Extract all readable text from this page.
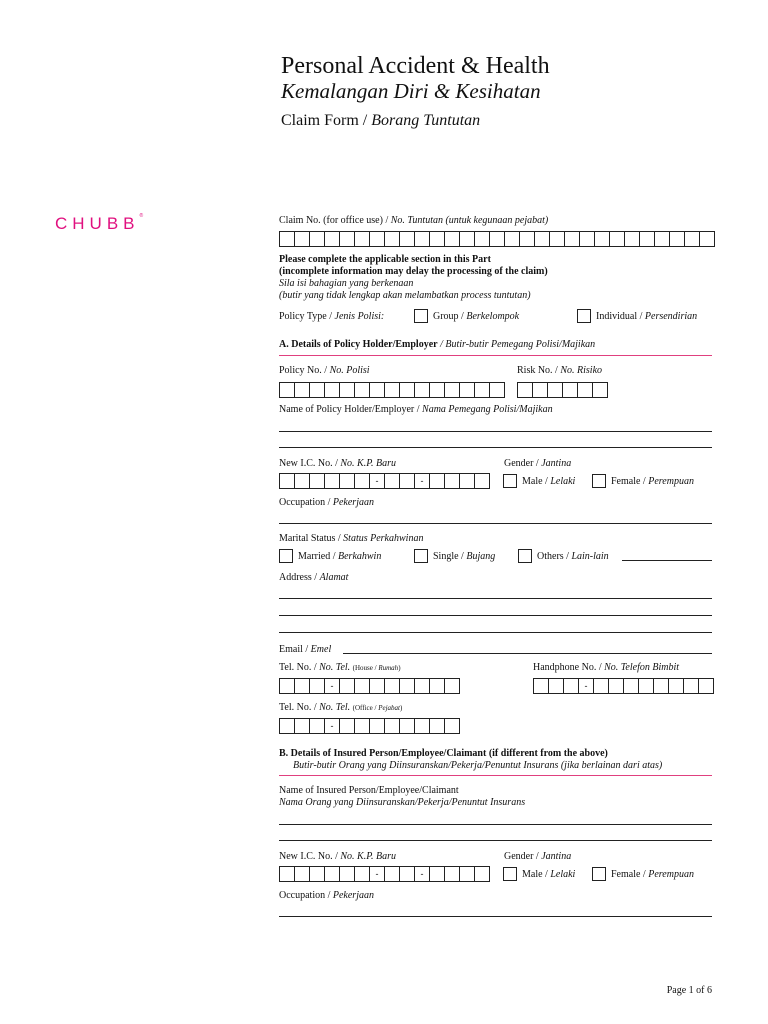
CHUBB®
Personal Accident & Health
Kemalangan Diri & Kesihatan
Claim Form / Borang Tuntutan
Claim No. (for office use) / No. Tuntutan (untuk kegunaan pejabat)
Please complete the applicable section in this Part
(incomplete information may delay the processing of the claim)
Sila isi bahagian yang berkenaan
(butir yang tidak lengkap akan melambatkan process tuntutan)
Policy Type / Jenis Polisi:	Group / Berkelompok	Individual / Persendirian
A. Details of Policy Holder/Employer / Butir-butir Pemegang Polisi/Majikan
Policy No. / No. Polisi	Risk No. / No. Risiko
Name of Policy Holder/Employer / Nama Pemegang Polisi/Majikan
New I.C. No. / No. K.P. Baru	Gender / Jantina
-	-	Male / Lelaki	Female / Perempuan
Occupation / Pekerjaan
Marital Status / Status Perkahwinan
Married / Berkahwin	Single / Bujang	Others / Lain-lain
Address / Alamat
Email / Emel
Tel. No. / No. Tel. (House / Rumah)	Handphone No. / No. Telefon Bimbit
-	-
Tel. No. / No. Tel. (Office / Pejabat)
-
B. Details of Insured Person/Employee/Claimant (if different from the above)
Butir-butir Orang yang Diinsuranskan/Pekerja/Penuntut Insurans (jika berlainan dari atas)
Name of Insured Person/Employee/Claimant
Nama Orang yang Diinsuranskan/Pekerja/Penuntut Insurans
New I.C. No. / No. K.P. Baru	Gender / Jantina
-	-	Male / Lelaki	Female / Perempuan
Occupation / Pekerjaan
Page 1 of 6
